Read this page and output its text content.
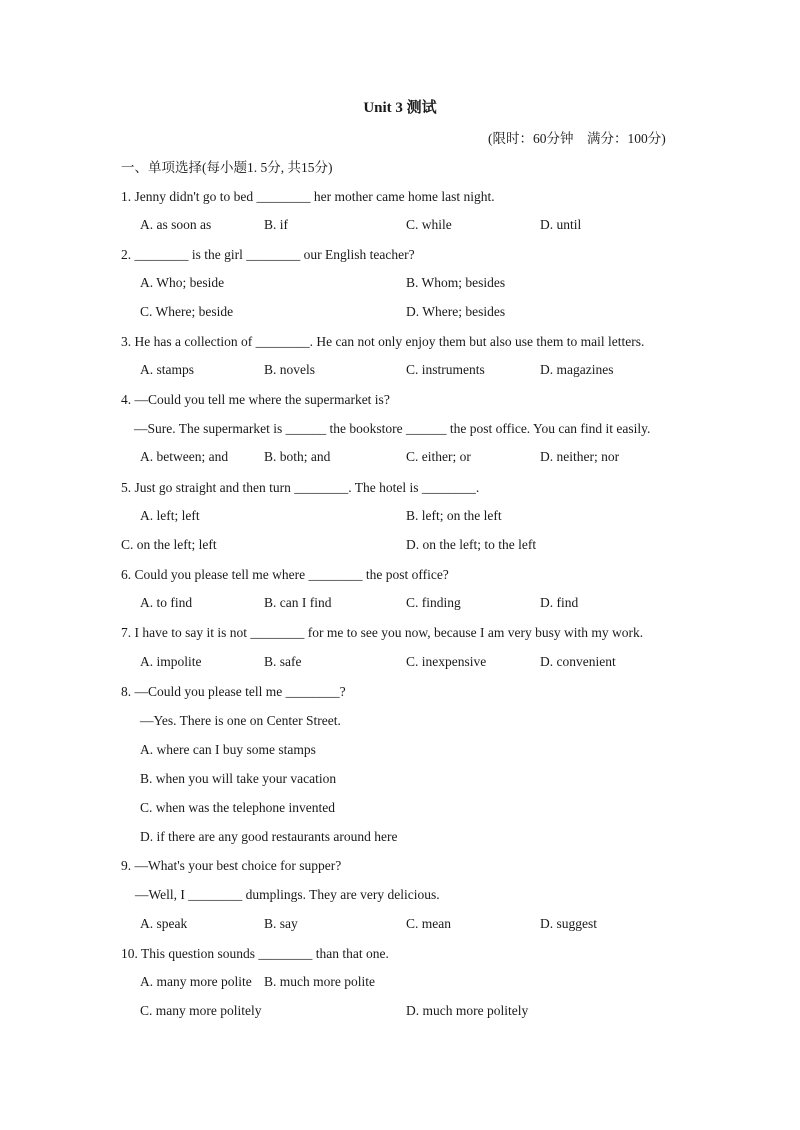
Unit 3 测试
(限时：60分钟　满分：100分)
一、单项选择(每小题1. 5分, 共15分)
1. Jenny didn't go to bed ________ her mother came home last night.
A. as soon as	B. if	C. while	D. until
2. ________ is the girl ________ our English teacher?
A. Who; beside	B. Whom; besides
C. Where; beside	D. Where; besides
3. He has a collection of ________. He can not only enjoy them but also use them to mail letters.
A. stamps	B. novels	C. instruments	D. magazines
4. —Could you tell me where the supermarket is?
—Sure. The supermarket is ______ the bookstore ______ the post office. You can find it easily.
A. between; and	B. both; and	C. either; or	D. neither; nor
5. Just go straight and then turn ________. The hotel is ________.
A. left; left	B. left; on the left
C. on the left; left	D. on the left; to the left
6. Could you please tell me where ________ the post office?
A. to find	B. can I find	C. finding	D. find
7. I have to say it is not ________ for me to see you now, because I am very busy with my work.
A. impolite	B. safe	C. inexpensive	D. convenient
8. —Could you please tell me ________?
—Yes. There is one on Center Street.
A. where can I buy some stamps
B. when you will take your vacation
C. when was the telephone invented
D. if there are any good restaurants around here
9. —What's your best choice for supper?
—Well, I ________ dumplings. They are very delicious.
A. speak	B. say	C. mean	D. suggest
10. This question sounds ________ than that one.
A. many more polite B. much more polite
C. many more politely	D. much more politely
